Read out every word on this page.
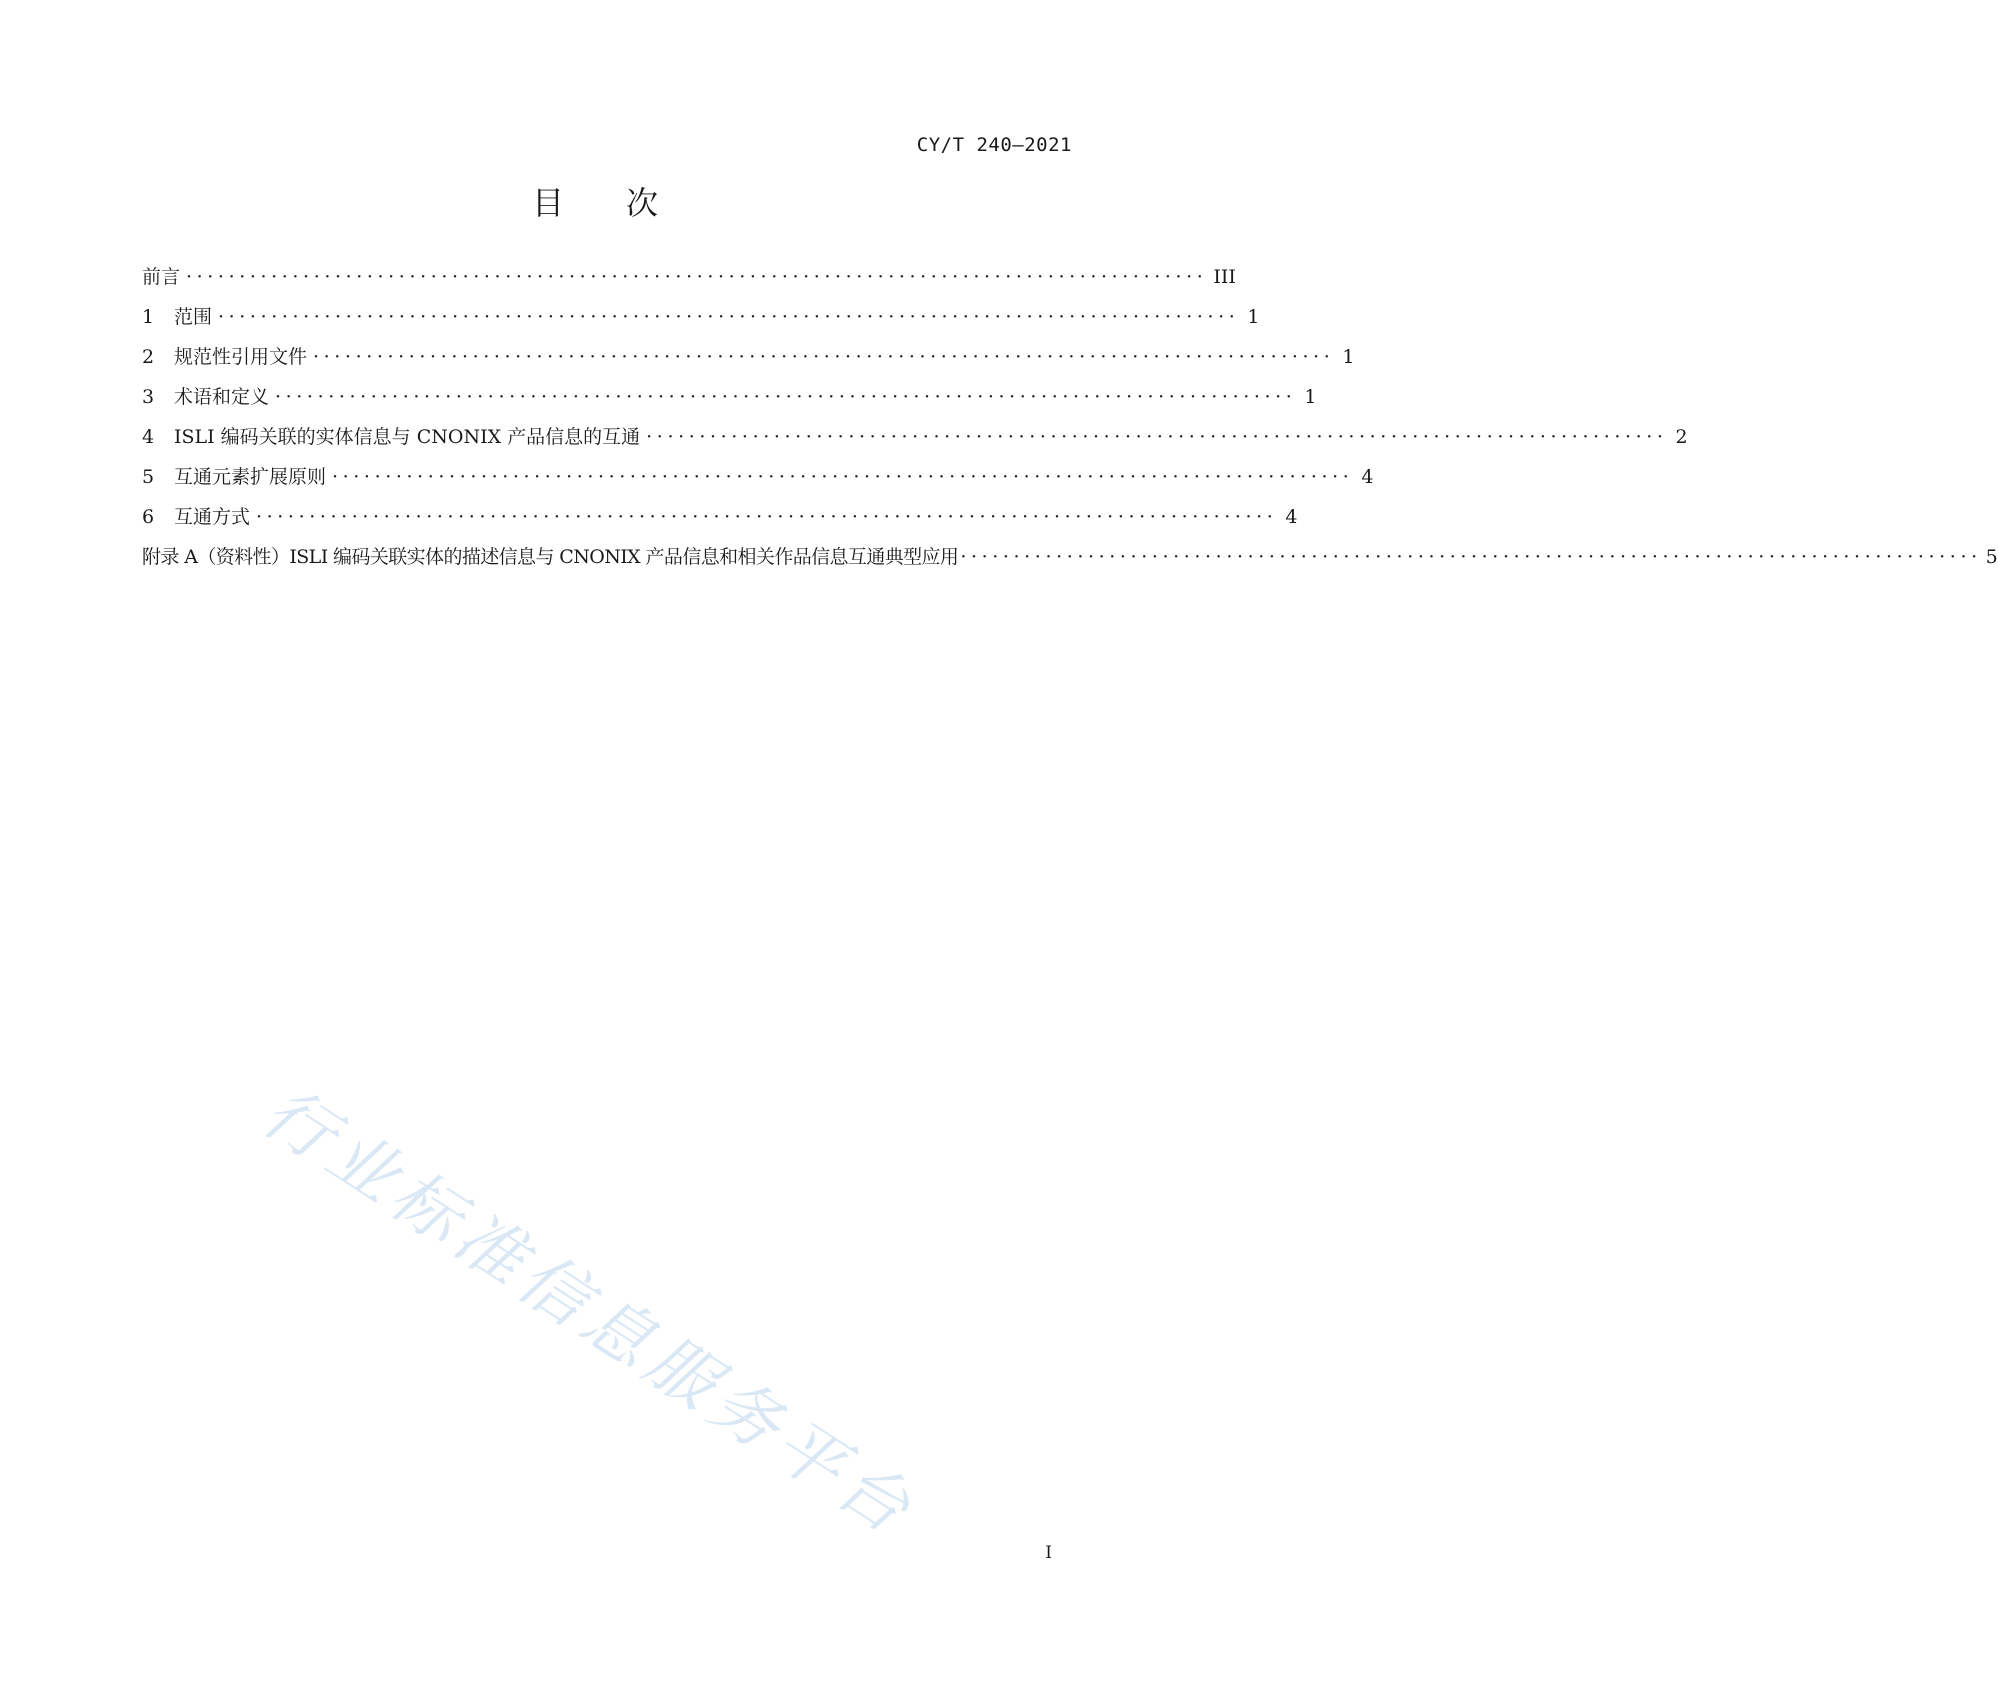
CY/T 240—2021
目次
前言 ································································································ III
1	范围 ································································································ 1
2	规范性引用文件 ································································································ 1
3	术语和定义 ································································································ 1
4	ISLI 编码关联的实体信息与 CNONIX 产品信息的互通 ································································································ 2
5	互通元素扩展原则 ································································································ 4
6	互通方式 ································································································ 4
附录 A（资料性）ISLI 编码关联实体的描述信息与 CNONIX 产品信息和相关作品信息互通典型应用 ································································································ 5
行业标准信息服务平台
I
